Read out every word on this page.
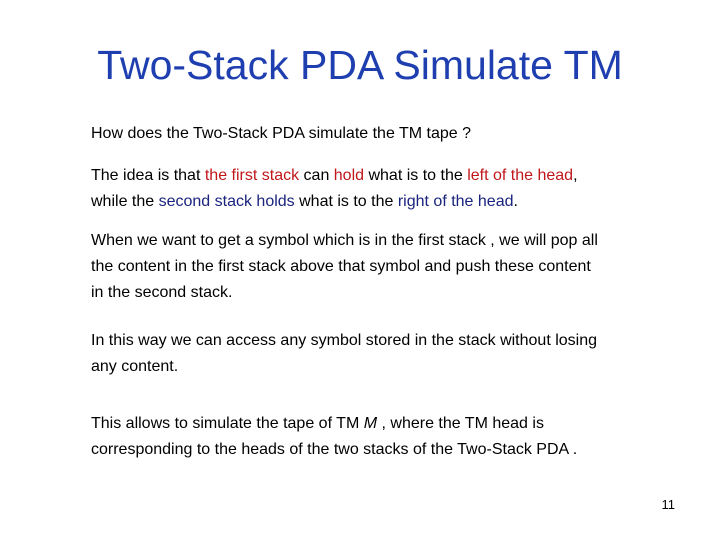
Two-Stack PDA Simulate TM
How does the Two-Stack PDA simulate the TM tape ?
The idea is that the first stack can hold what is to the left of the head,
while the second stack holds what is to the right of the head.
When we want to get a symbol which is in the first stack , we will pop all
the content in the first stack above that symbol and push these content
in the second stack.
In this way we can access any symbol stored in the stack without losing
any content.
This allows to simulate the tape of TM M , where the TM head is
corresponding to the heads of the two stacks of the Two-Stack PDA .
11
